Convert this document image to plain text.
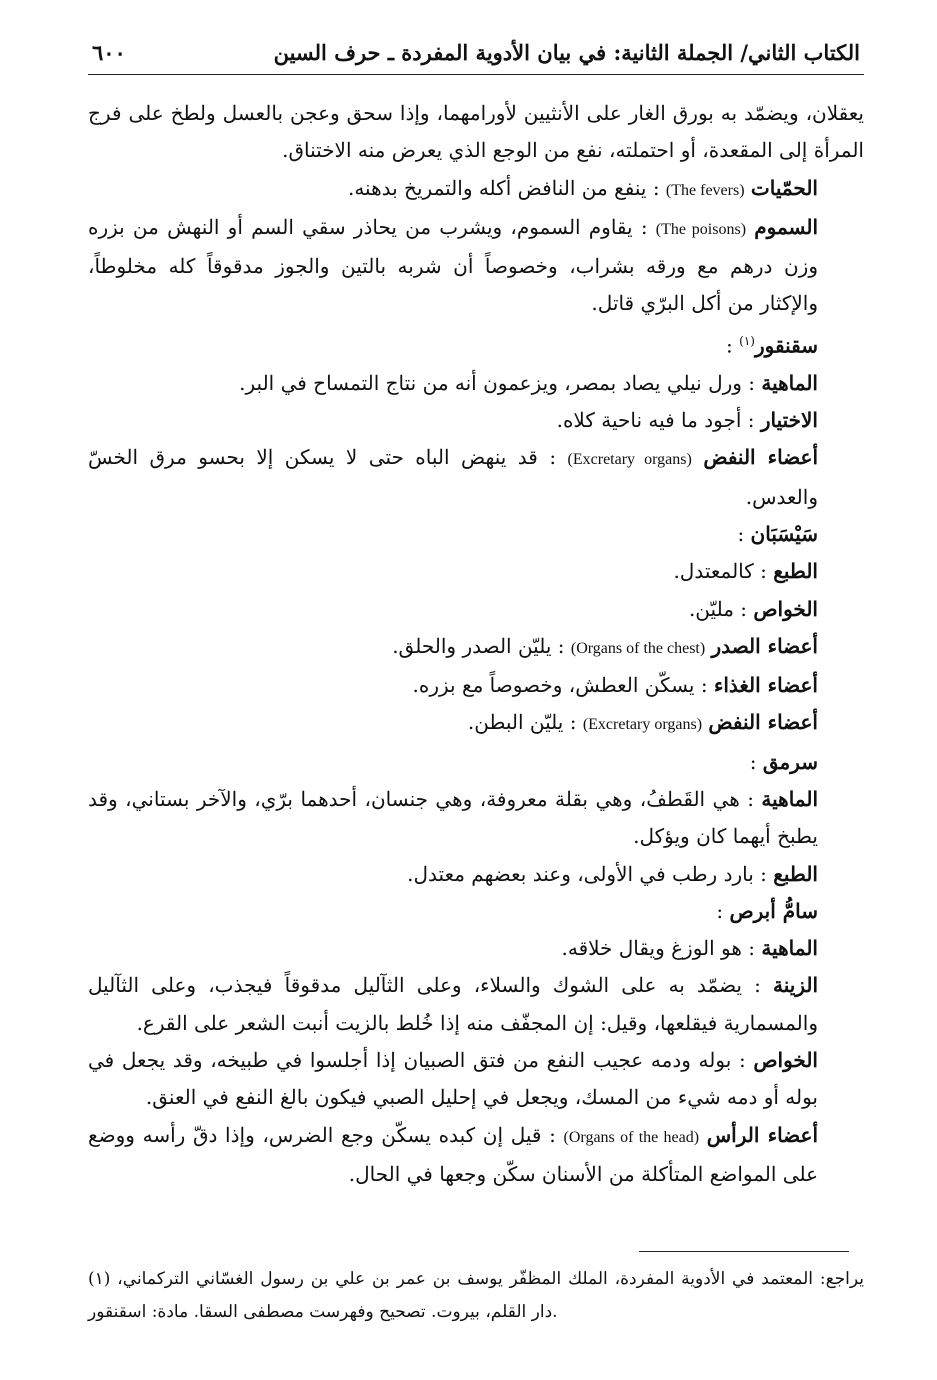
الكتاب الثاني/ الجملة الثانية: في بيان الأدوية المفردة ـ حرف السين
٦٠٠

يعقلان، ويضمّد به بورق الغار على الأنثيين لأورامهما، وإذا سحق وعجن بالعسل ولطخ على فرج المرأة إلى المقعدة، أو احتملته، نفع من الوجع الذي يعرض منه الاختناق.

الحمّيات (The fevers) : ينفع من النافض أكله والتمريخ بدهنه.

السموم (The poisons) : يقاوم السموم، ويشرب من يحاذر سقي السم أو النهش من بزره وزن درهم مع ورقه بشراب، وخصوصاً أن شربه بالتين والجوز مدقوقاً كله مخلوطاً، والإكثار من أكل البرّي قاتل.

سقنقور$^{(١)}$ :

الماهية : ورل نيلي يصاد بمصر، ويزعمون أنه من نتاج التمساح في البر.

الاختيار : أجود ما فيه ناحية كلاه.

أعضاء النفض (Excretary organs) : قد ينهض الباه حتى لا يسكن إلا بحسو مرق الخسّ والعدس.

سَيْسَبَان :

الطبع : كالمعتدل.

الخواص : مليّن.

أعضاء الصدر (Organs of the chest) : يليّن الصدر والحلق.

أعضاء الغذاء : يسكّن العطش، وخصوصاً مع بزره.

أعضاء النفض (Excretary organs) : يليّن البطن.

سرمق :

الماهية : هي القَطفُ، وهي بقلة معروفة، وهي جنسان، أحدهما برّي، والآخر بستاني، وقد يطبخ أيهما كان ويؤكل.

الطبع : بارد رطب في الأولى، وعند بعضهم معتدل.

سامُّ أبرص :

الماهية : هو الوزغ ويقال خلاقه.

الزينة : يضمّد به على الشوك والسلاء، وعلى الثآليل مدقوقاً فيجذب، وعلى الثآليل والمسمارية فيقلعها، وقيل: إن المجفّف منه إذا خُلط بالزيت أنبت الشعر على القرع.

الخواص : بوله ودمه عجيب النفع من فتق الصبيان إذا أجلسوا في طبيخه، وقد يجعل في بوله أو دمه شيء من المسك، ويجعل في إحليل الصبي فيكون بالغ النفع في العنق.

أعضاء الرأس (Organs of the head) : قيل إن كبده يسكّن وجع الضرس، وإذا دقّ رأسه ووضع على المواضع المتأكلة من الأسنان سكّن وجعها في الحال.

(١) يراجع: المعتمد في الأدوية المفردة، الملك المظفّر يوسف بن عمر بن علي بن رسول الغسّاني التركماني، دار القلم، بيروت. تصحيح وفهرست مصطفى السقا. مادة: اسقنقور.
